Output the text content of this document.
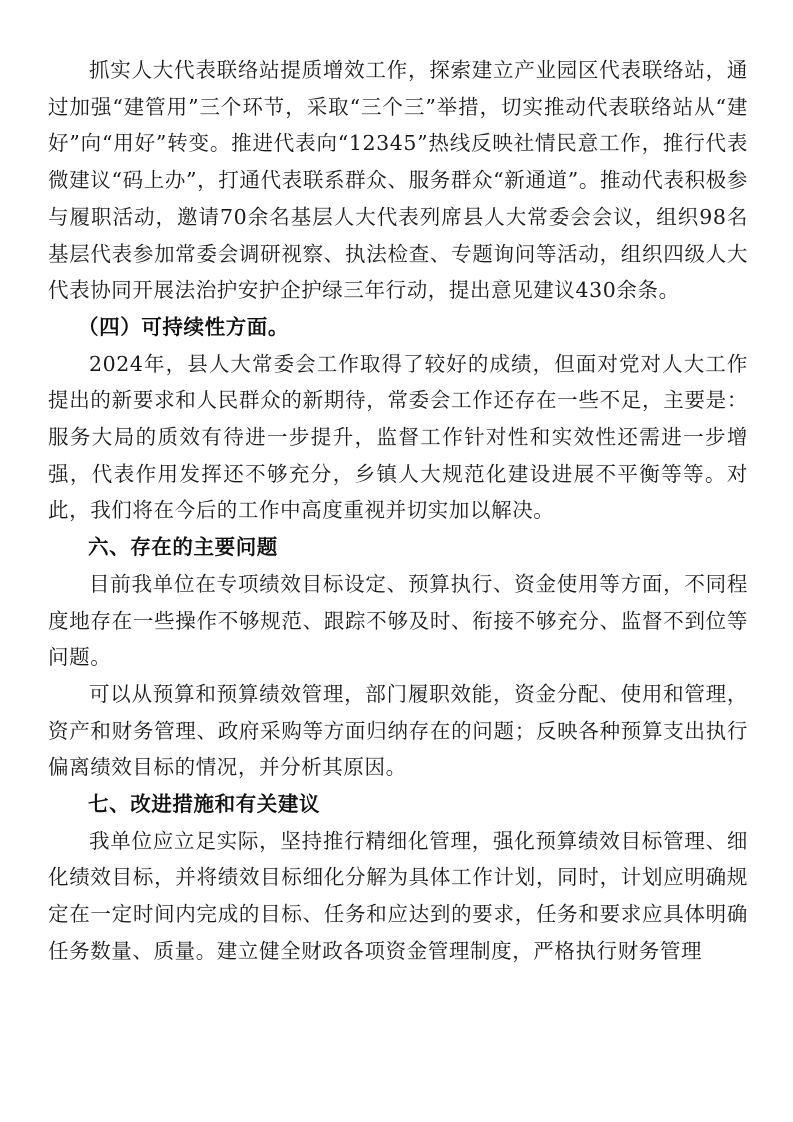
抓实人大代表联络站提质增效工作，探索建立产业园区代表联络站，通过加强“建管用”三个环节，采取“三个三”举措，切实推动代表联络站从“建好”向“用好”转变。推进代表向“12345”热线反映社情民意工作，推行代表微建议“码上办”，打通代表联系群众、服务群众“新通道”。推动代表积极参与履职活动，邀请70余名基层人大代表列席县人大常委会会议，组织98名基层代表参加常委会调研视察、执法检查、专题询问等活动，组织四级人大代表协同开展法治护安护企护绿三年行动，提出意见建议430余条。

（四）可持续性方面。

2024年，县人大常委会工作取得了较好的成绩，但面对党对人大工作提出的新要求和人民群众的新期待，常委会工作还存在一些不足，主要是：服务大局的质效有待进一步提升，监督工作针对性和实效性还需进一步增强，代表作用发挥还不够充分，乡镇人大规范化建设进展不平衡等等。对此，我们将在今后的工作中高度重视并切实加以解决。

六、存在的主要问题

目前我单位在专项绩效目标设定、预算执行、资金使用等方面，不同程度地存在一些操作不够规范、跟踪不够及时、衔接不够充分、监督不到位等问题。

可以从预算和预算绩效管理，部门履职效能，资金分配、使用和管理，资产和财务管理、政府采购等方面归纳存在的问题；反映各种预算支出执行偏离绩效目标的情况，并分析其原因。

七、改进措施和有关建议

我单位应立足实际，坚持推行精细化管理，强化预算绩效目标管理、细化绩效目标，并将绩效目标细化分解为具体工作计划，同时，计划应明确规定在一定时间内完成的目标、任务和应达到的要求，任务和要求应具体明确任务数量、质量。建立健全财政各项资金管理制度，严格执行财务管理
